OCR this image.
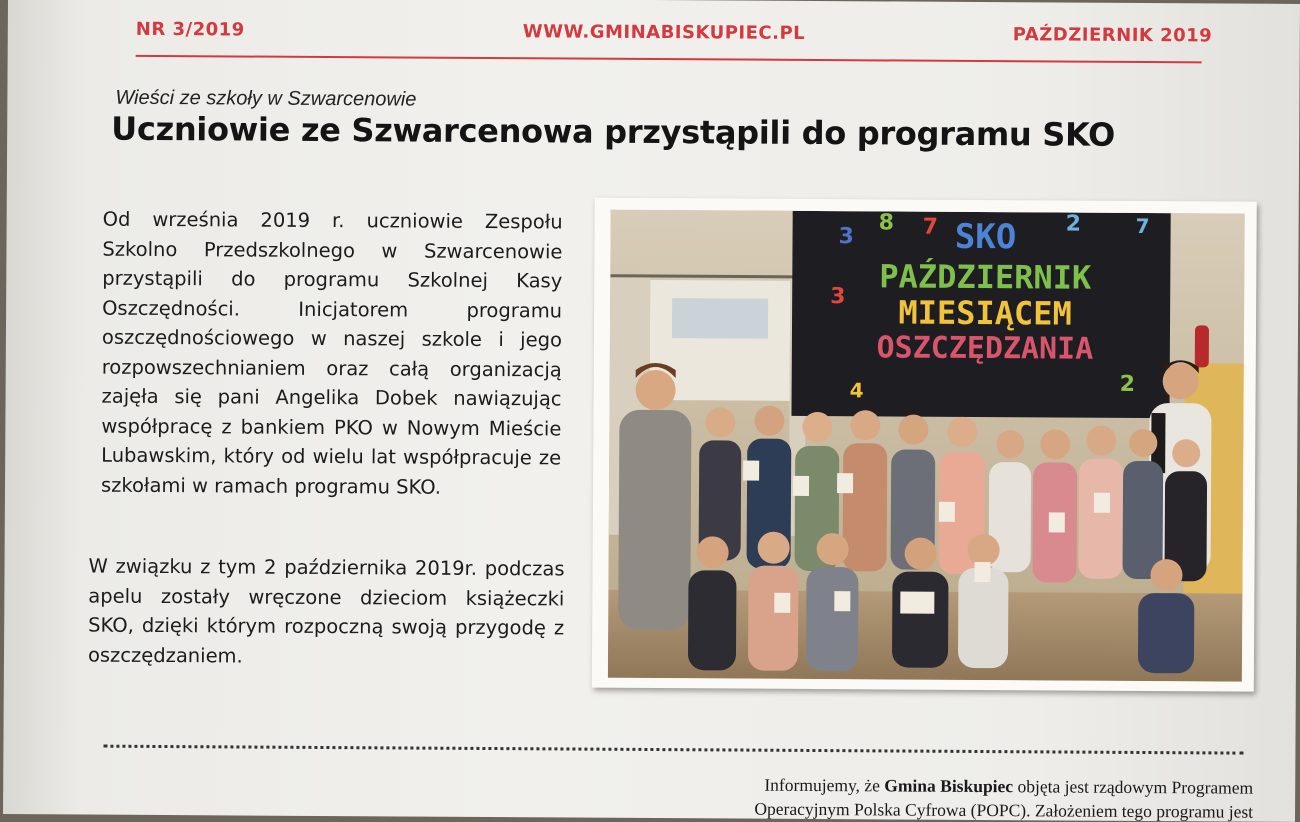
NR 3/2019	WWW.GMINABISKUPIEC.PL	PAŹDZIERNIK 2019
Wieści ze szkoły w Szwarcenowie
Uczniowie ze Szwarcenowa przystąpili do programu SKO
Od września 2019 r. uczniowie Zespołu Szkolno Przedszkolnego w Szwarcenowie przystąpili do programu Szkolnej Kasy Oszczędności. Inicjatorem programu oszczędnościowego w naszej szkole i jego rozpowszechnianiem oraz całą organizacją zajęła się pani Angelika Dobek nawiązując współpracę z bankiem PKO w Nowym Mieście Lubawskim, który od wielu lat współpracuje ze szkołami w ramach programu SKO.
W związku z tym 2 października 2019r. podczas apelu zostały wręczone dzieciom książeczki SKO, dzięki którym rozpoczną swoją przygodę z oszczędzaniem.
3
8 7
3
2
4	2
7
SKO
PAŹDZIERNIK
MIESIĄCEM
OSZCZĘDZANIA
Informujemy, że Gmina Biskupiec objęta jest rządowym Programem
Operacyjnym Polska Cyfrowa (POPC). Założeniem tego programu jest
